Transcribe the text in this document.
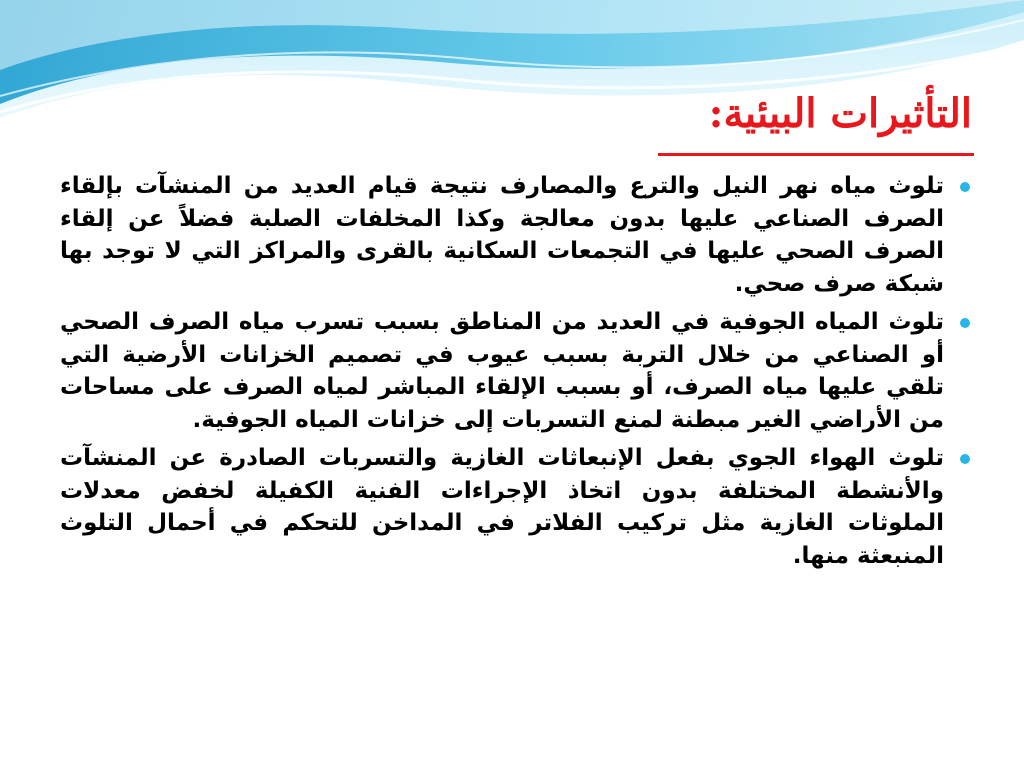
التأثيرات البيئية:
تلوث مياه نهر النيل والترع والمصارف نتيجة قيام العديد من المنشآت بإلقاء الصرف الصناعي عليها بدون معالجة وكذا المخلفات الصلبة فضلاً عن إلقاء الصرف الصحي عليها في التجمعات السكانية بالقرى والمراكز التي لا توجد بها شبكة صرف صحي.
تلوث المياه الجوفية في العديد من المناطق بسبب تسرب مياه الصرف الصحي أو الصناعي من خلال التربة بسبب عيوب في تصميم الخزانات الأرضية التي تلقي عليها مياه الصرف، أو بسبب الإلقاء المباشر لمياه الصرف على مساحات من الأراضي الغير مبطنة لمنع التسربات إلى خزانات المياه الجوفية.
تلوث الهواء الجوي بفعل الإنبعاثات الغازية والتسربات الصادرة عن المنشآت والأنشطة المختلفة بدون اتخاذ الإجراءات الفنية الكفيلة لخفض معدلات الملوثات الغازية مثل تركيب الفلاتر في المداخن للتحكم في أحمال التلوث المنبعثة منها.
